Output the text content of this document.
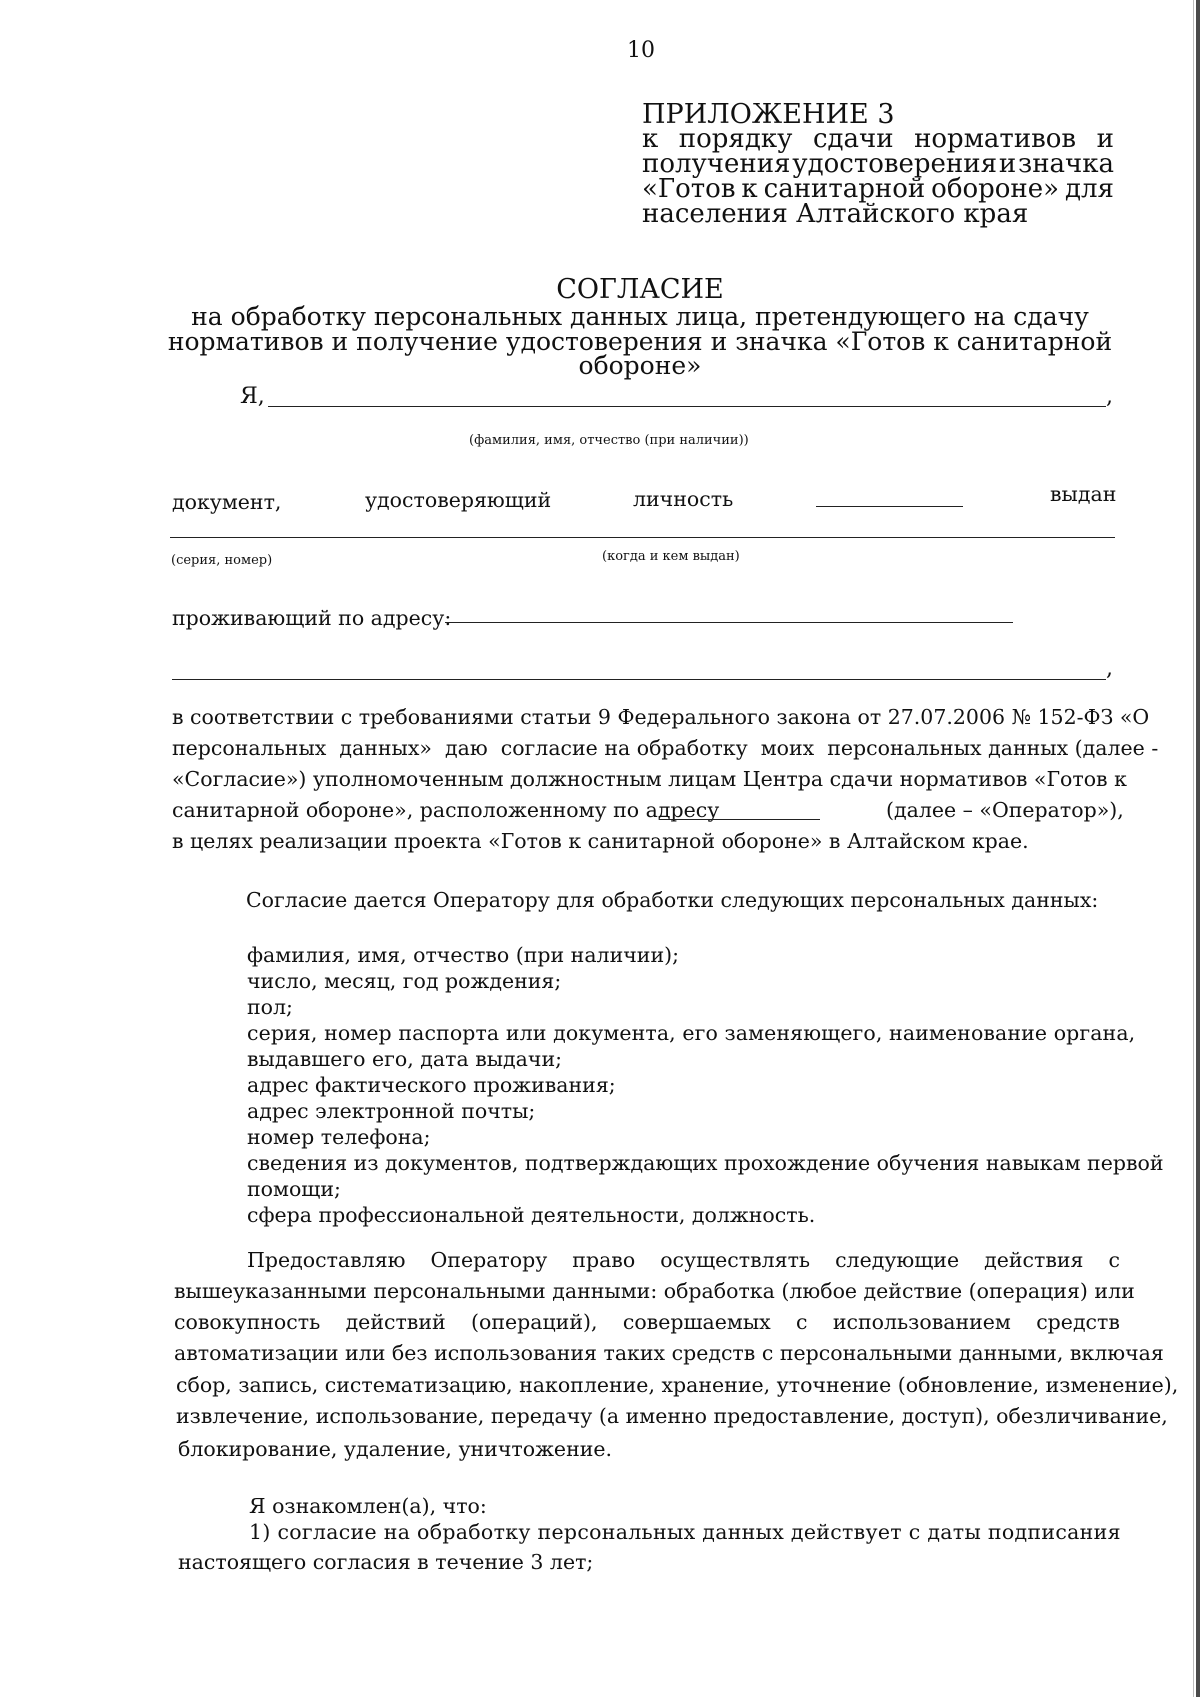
10
ПРИЛОЖЕНИЕ 3
к порядку сдачи нормативов и
получения удостоверения и значка
«Готов к санитарной обороне» для
населения Алтайского края
СОГЛАСИЕ
на обработку персональных данных лица, претендующего на сдачу
нормативов и получение удостоверения и значка «Готов к санитарной
обороне»
Я,	,
(фамилия, имя, отчество (при наличии))
документ,	удостоверяющий	личность	выдан
(серия, номер)	(когда и кем выдан)
проживающий по адресу:
,
в соответствии с требованиями статьи 9 Федерального закона от 27.07.2006 № 152-ФЗ «О
персональных  данных»  даю  согласие на обработку  моих  персональных данных (далее -
«Согласие») уполномоченным должностным лицам Центра сдачи нормативов «Готов к
санитарной обороне», расположенному по адресу	(далее – «Оператор»),
в целях реализации проекта «Готов к санитарной обороне» в Алтайском крае.
Согласие дается Оператору для обработки следующих персональных данных:
фамилия, имя, отчество (при наличии);
число, месяц, год рождения;
пол;
серия, номер паспорта или документа, его заменяющего, наименование органа,
выдавшего его, дата выдачи;
адрес фактического проживания;
адрес электронной почты;
номер телефона;
сведения из документов, подтверждающих прохождение обучения навыкам первой
помощи;
сфера профессиональной деятельности, должность.
Предоставляю Оператору право осуществлять следующие действия с
вышеуказанными персональными данными: обработка (любое действие (операция) или
совокупность действий (операций), совершаемых с использованием средств
автоматизации или без использования таких средств с персональными данными, включая
сбор, запись, систематизацию, накопление, хранение, уточнение (обновление, изменение),
извлечение, использование, передачу (а именно предоставление, доступ), обезличивание,
блокирование, удаление, уничтожение.
Я ознакомлен(а), что:
1) согласие на обработку персональных данных действует с даты подписания
настоящего согласия в течение 3 лет;
